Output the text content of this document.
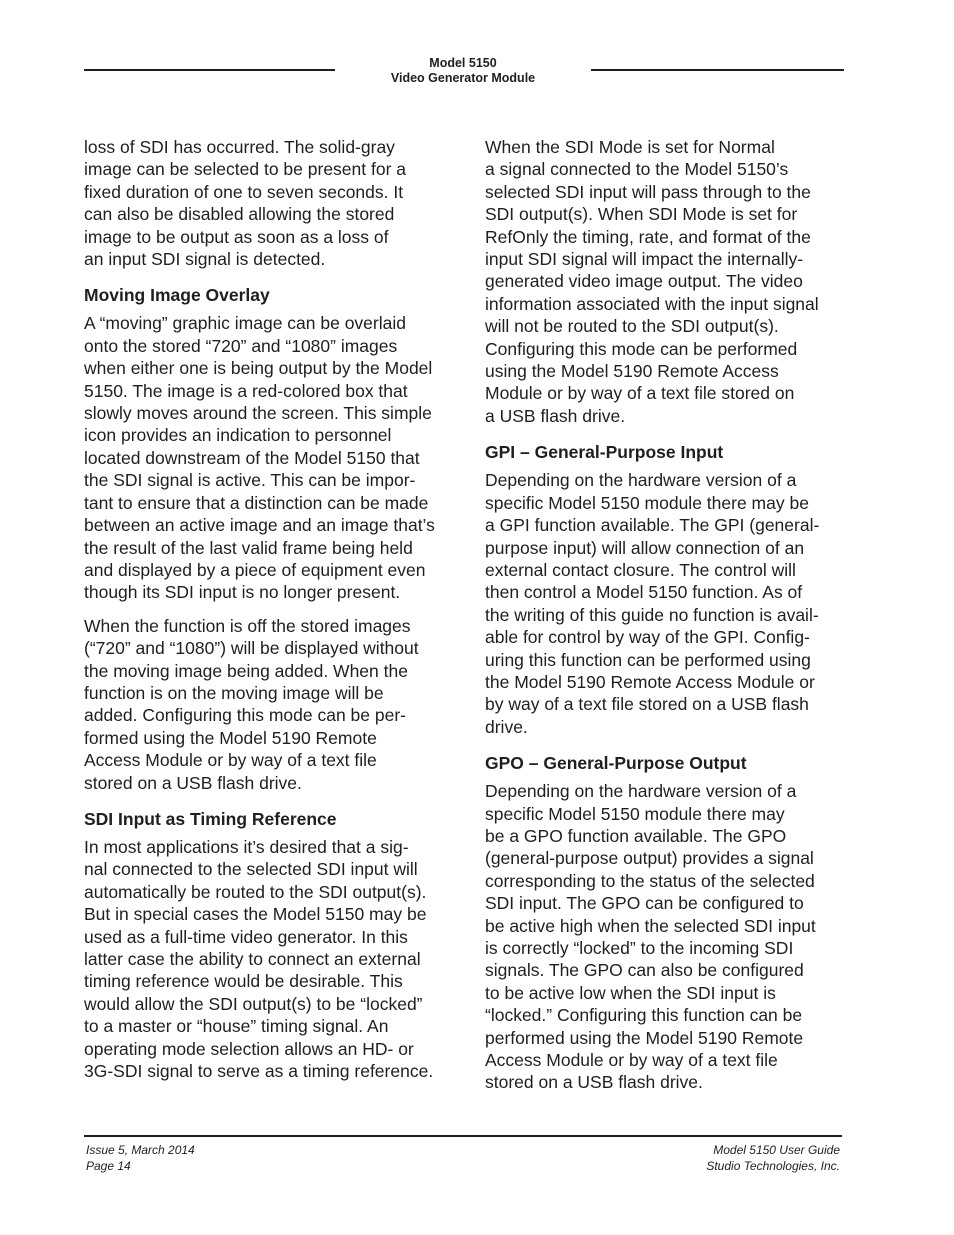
Model 5150
Video Generator Module

loss of SDI has occurred. The solid-gray
image can be selected to be present for a
fixed duration of one to seven seconds. It
can also be disabled allowing the stored
image to be output as soon as a loss of
an input SDI signal is detected.

Moving Image Overlay

A “moving” graphic image can be overlaid
onto the stored “720” and “1080” images
when either one is being output by the Model
5150. The image is a red-colored box that
slowly moves around the screen. This simple
icon provides an indication to personnel
located downstream of the Model 5150 that
the SDI signal is active. This can be impor-
tant to ensure that a distinction can be made
between an active image and an image that’s
the result of the last valid frame being held
and displayed by a piece of equipment even
though its SDI input is no longer present.

When the function is off the stored images
(“720” and “1080”) will be displayed without
the moving image being added. When the
function is on the moving image will be
added. Configuring this mode can be per-
formed using the Model 5190 Remote
Access Module or by way of a text file
stored on a USB flash drive.

SDI Input as Timing Reference

In most applications it’s desired that a sig-
nal connected to the selected SDI input will
automatically be routed to the SDI output(s).
But in special cases the Model 5150 may be
used as a full-time video generator. In this
latter case the ability to connect an external
timing reference would be desirable. This
would allow the SDI output(s) to be “locked”
to a master or “house” timing signal. An
operating mode selection allows an HD- or
3G-SDI signal to serve as a timing reference.

When the SDI Mode is set for Normal
a signal connected to the Model 5150’s
selected SDI input will pass through to the
SDI output(s). When SDI Mode is set for
RefOnly the timing, rate, and format of the
input SDI signal will impact the internally-
generated video image output. The video
information associated with the input signal
will not be routed to the SDI output(s).
Configuring this mode can be performed
using the Model 5190 Remote Access
Module or by way of a text file stored on
a USB flash drive.

GPI – General-Purpose Input

Depending on the hardware version of a
specific Model 5150 module there may be
a GPI function available. The GPI (general-
purpose input) will allow connection of an
external contact closure. The control will
then control a Model 5150 function. As of
the writing of this guide no function is avail-
able for control by way of the GPI. Config-
uring this function can be performed using
the Model 5190 Remote Access Module or
by way of a text file stored on a USB flash
drive.

GPO – General-Purpose Output

Depending on the hardware version of a
specific Model 5150 module there may
be a GPO function available. The GPO
(general-purpose output) provides a signal
corresponding to the status of the selected
SDI input. The GPO can be configured to
be active high when the selected SDI input
is correctly “locked” to the incoming SDI
signals. The GPO can also be configured
to be active low when the SDI input is
“locked.” Configuring this function can be
performed using the Model 5190 Remote
Access Module or by way of a text file
stored on a USB flash drive.

Issue 5, March 2014
Page 14
Model 5150 User Guide
Studio Technologies, Inc.
